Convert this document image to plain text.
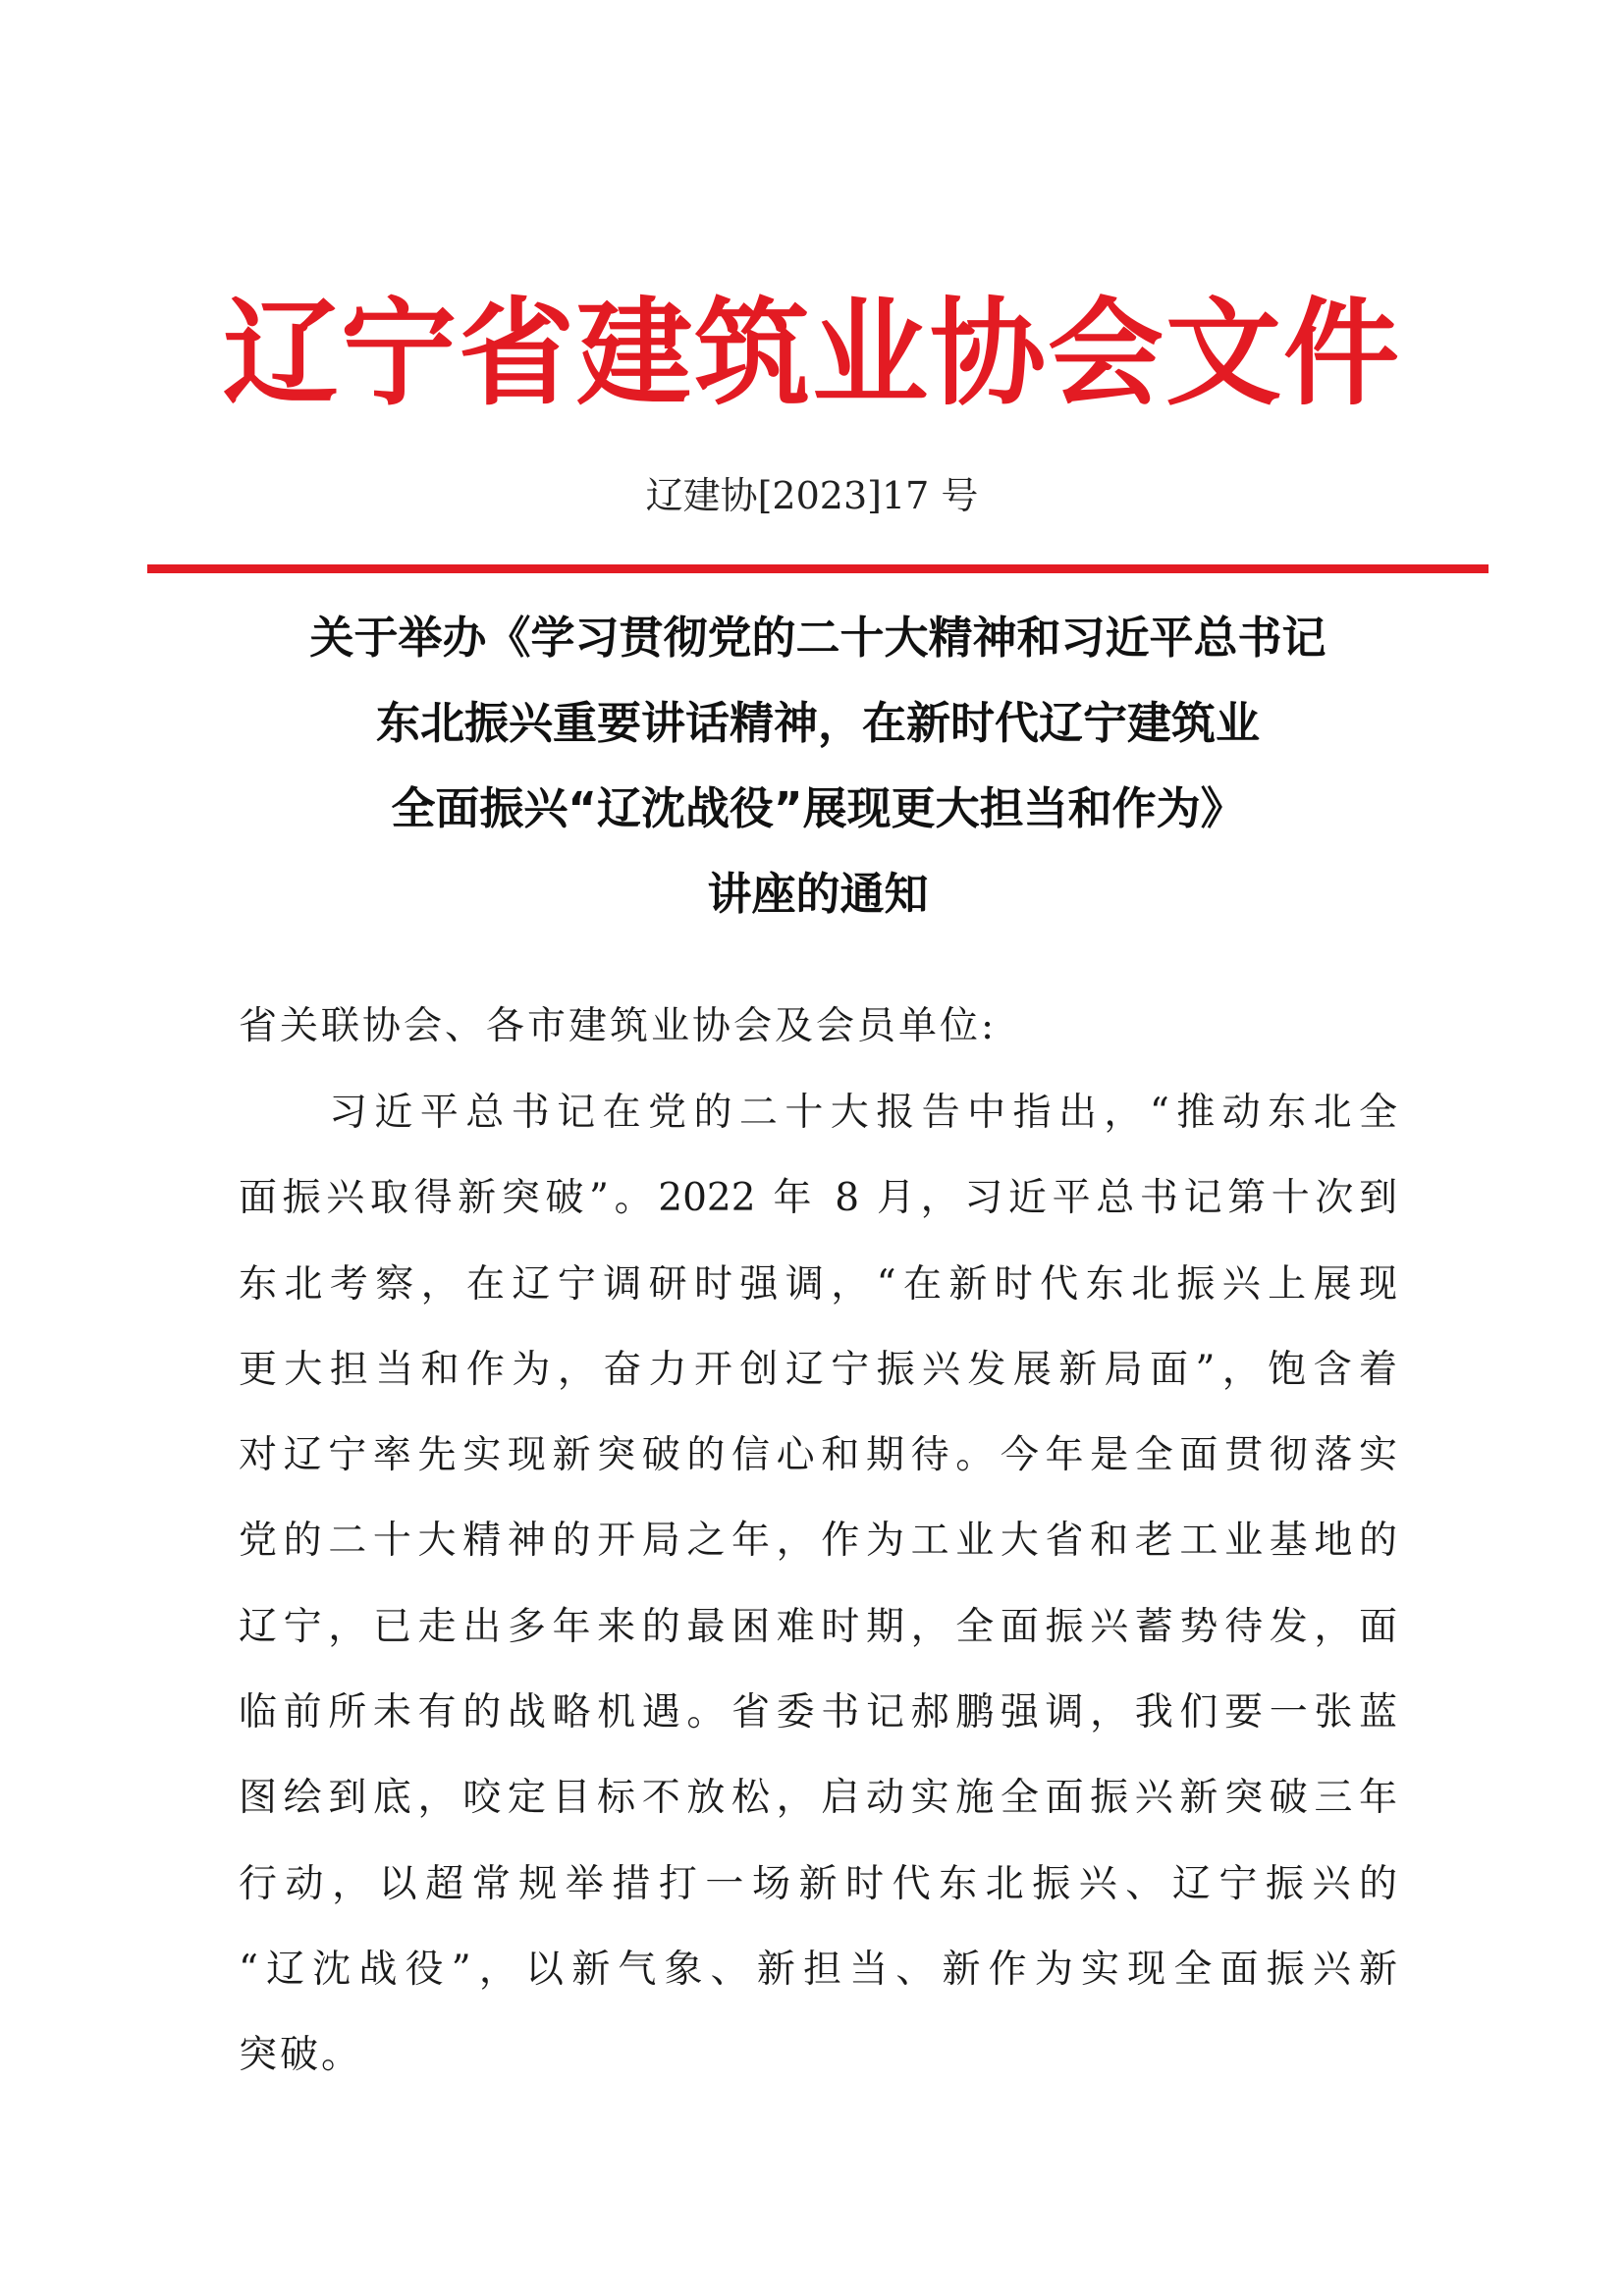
辽宁省建筑业协会文件
辽建协[2023]17 号
关于举办《学习贯彻党的二十大精神和习近平总书记
东北振兴重要讲话精神，在新时代辽宁建筑业
全面振兴“辽沈战役”展现更大担当和作为》
讲座的通知
省关联协会、各市建筑业协会及会员单位:
习近平总书记在党的二十大报告中指出，“推动东北全
面振兴取得新突破”。2022 年 8 月，习近平总书记第十次到
东北考察，在辽宁调研时强调，“在新时代东北振兴上展现
更大担当和作为，奋力开创辽宁振兴发展新局面”，饱含着
对辽宁率先实现新突破的信心和期待。今年是全面贯彻落实
党的二十大精神的开局之年，作为工业大省和老工业基地的
辽宁，已走出多年来的最困难时期，全面振兴蓄势待发，面
临前所未有的战略机遇。省委书记郝鹏强调，我们要一张蓝
图绘到底，咬定目标不放松，启动实施全面振兴新突破三年
行动，以超常规举措打一场新时代东北振兴、辽宁振兴的
“辽沈战役”，以新气象、新担当、新作为实现全面振兴新
突破。
